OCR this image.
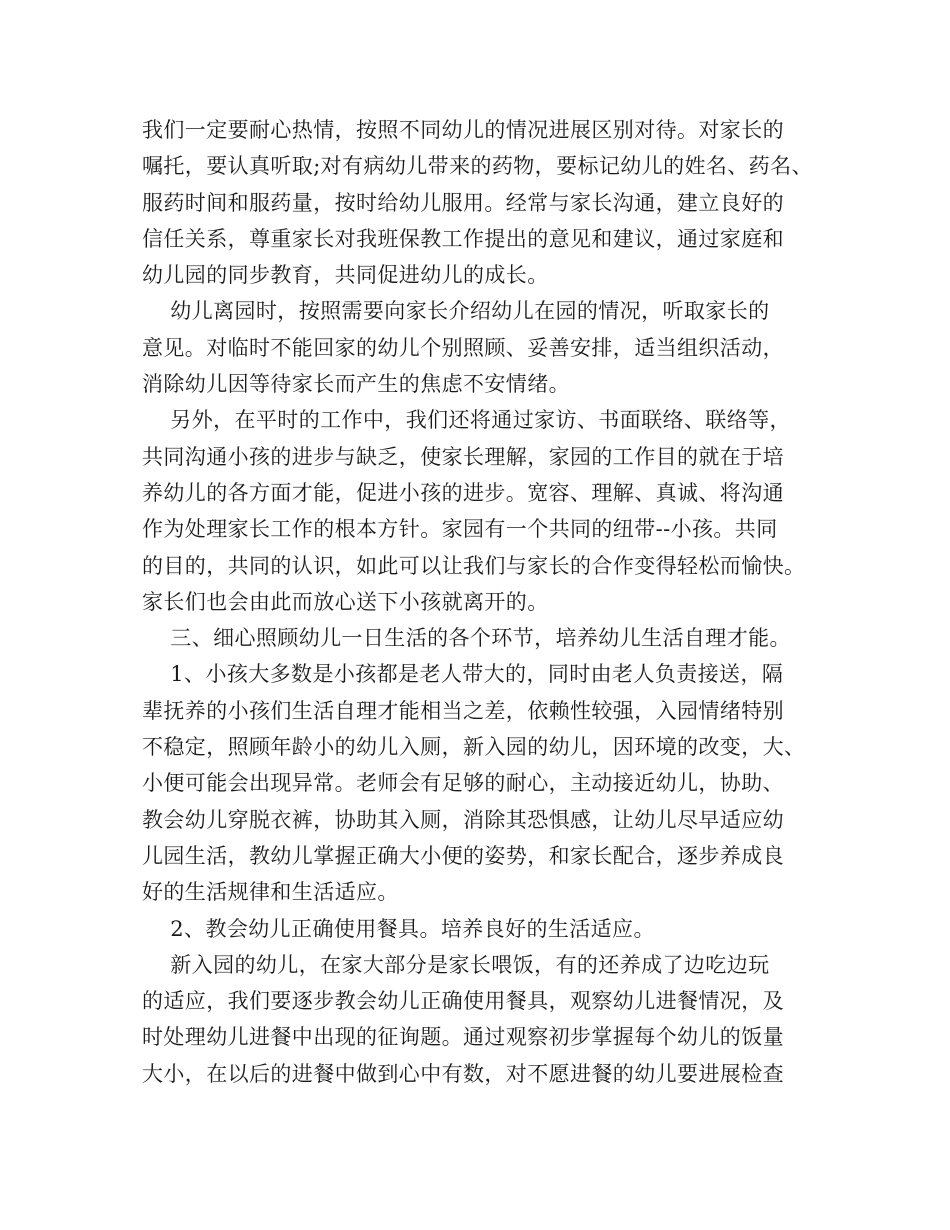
我们一定要耐心热情，按照不同幼儿的情况进展区别对待。对家长的
嘱托，要认真听取;对有病幼儿带来的药物，要标记幼儿的姓名、药名、
服药时间和服药量，按时给幼儿服用。经常与家长沟通，建立良好的
信任关系，尊重家长对我班保教工作提出的意见和建议，通过家庭和
幼儿园的同步教育，共同促进幼儿的成长。
幼儿离园时，按照需要向家长介绍幼儿在园的情况，听取家长的
意见。对临时不能回家的幼儿个别照顾、妥善安排，适当组织活动，
消除幼儿因等待家长而产生的焦虑不安情绪。
另外，在平时的工作中，我们还将通过家访、书面联络、联络等，
共同沟通小孩的进步与缺乏，使家长理解，家园的工作目的就在于培
养幼儿的各方面才能，促进小孩的进步。宽容、理解、真诚、将沟通
作为处理家长工作的根本方针。家园有一个共同的纽带--小孩。共同
的目的，共同的认识，如此可以让我们与家长的合作变得轻松而愉快。
家长们也会由此而放心送下小孩就离开的。
三、细心照顾幼儿一日生活的各个环节，培养幼儿生活自理才能。
1、小孩大多数是小孩都是老人带大的，同时由老人负责接送，隔
辈抚养的小孩们生活自理才能相当之差，依赖性较强，入园情绪特别
不稳定，照顾年龄小的幼儿入厕，新入园的幼儿，因环境的改变，大、
小便可能会出现异常。老师会有足够的耐心，主动接近幼儿，协助、
教会幼儿穿脱衣裤，协助其入厕，消除其恐惧感，让幼儿尽早适应幼
儿园生活，教幼儿掌握正确大小便的姿势，和家长配合，逐步养成良
好的生活规律和生活适应。
2、教会幼儿正确使用餐具。培养良好的生活适应。
新入园的幼儿，在家大部分是家长喂饭，有的还养成了边吃边玩
的适应，我们要逐步教会幼儿正确使用餐具，观察幼儿进餐情况，及
时处理幼儿进餐中出现的征询题。通过观察初步掌握每个幼儿的饭量
大小，在以后的进餐中做到心中有数，对不愿进餐的幼儿要进展检查
